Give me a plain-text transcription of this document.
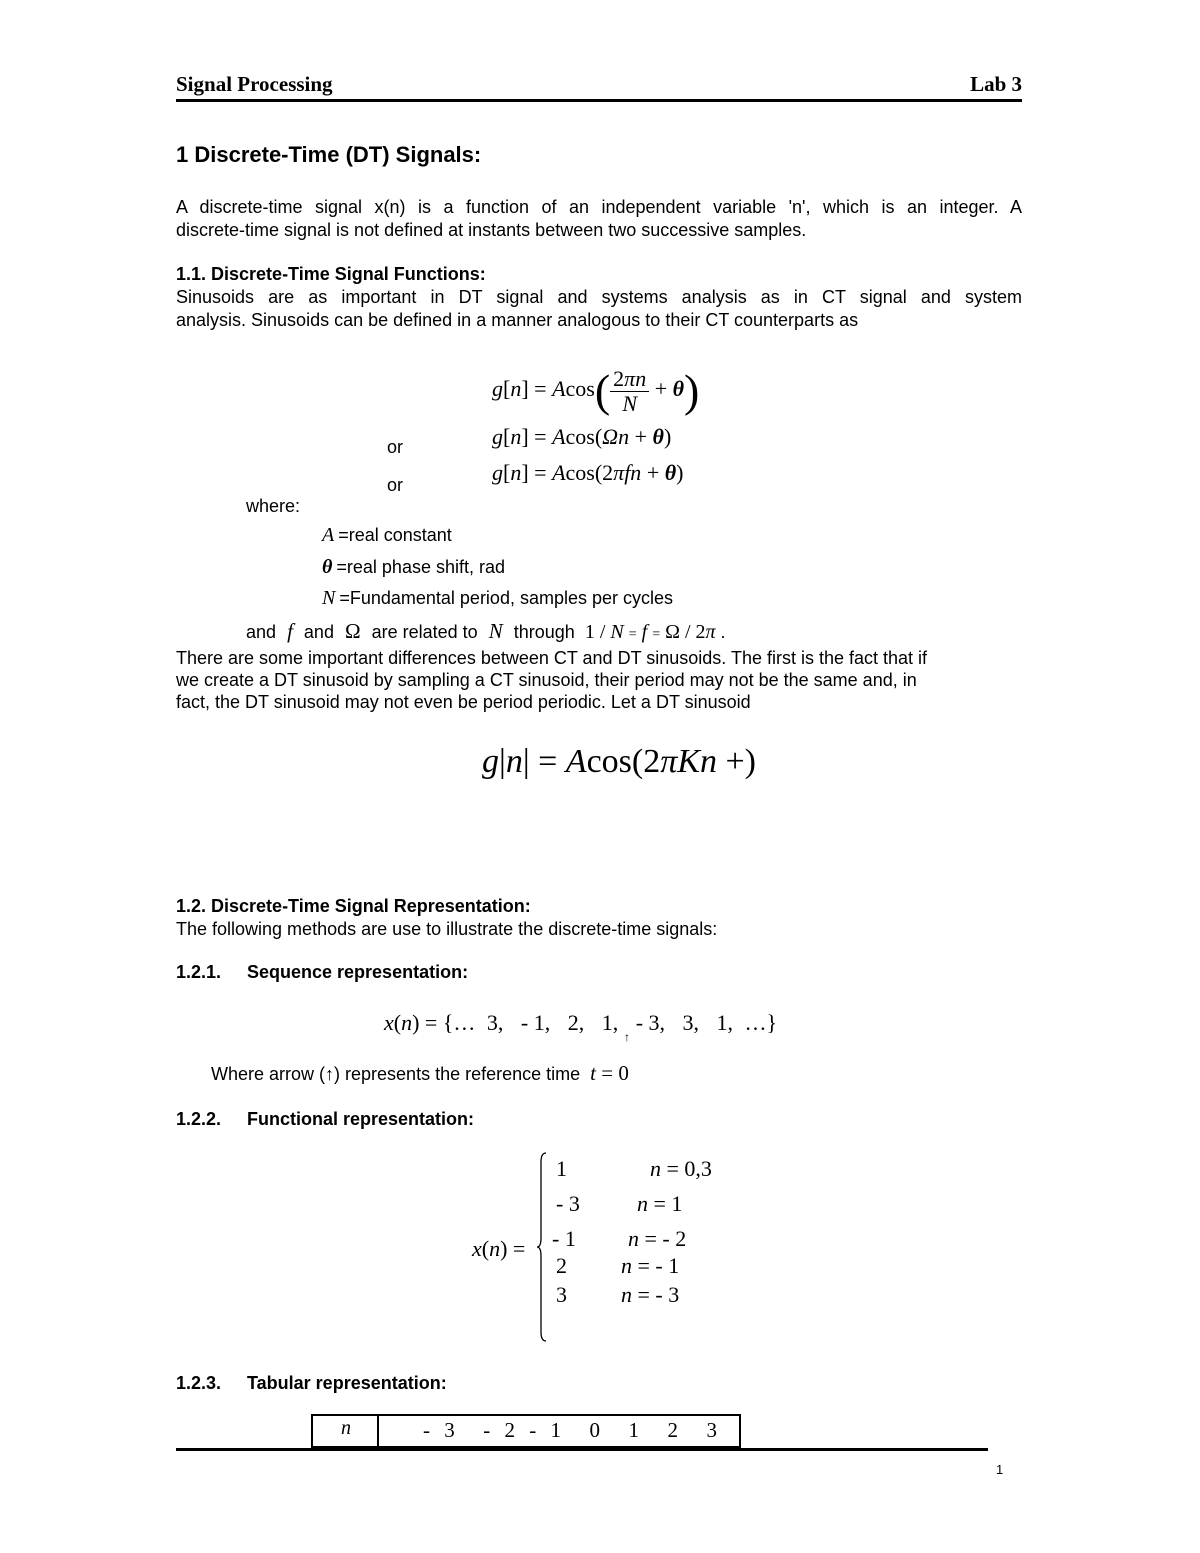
Signal Processing	Lab 3
1 Discrete-Time (DT) Signals:
A discrete-time signal x(n) is a function of an independent variable 'n', which is an integer. A
discrete-time signal is not defined at instants between two successive samples.
1.1. Discrete-Time Signal Functions:
Sinusoids are as important in DT signal and systems analysis as in CT signal and system
analysis. Sinusoids can be defined in a manner analogous to their CT counterparts as
$g[n] = Acos( \frac{2\pi n}{N} + \theta)$
or	g[n] = Acos(Ωn + θ)
or	g[n] = Acos(2πfn + θ)
where:
A =real constant
θ =real phase shift, rad
N =Fundamental period, samples per cycles
and f and Ω are related to N through  1 / N = f = Ω / 2π .
There are some important differences between CT and DT sinusoids. The first is the fact that if
we create a DT sinusoid by sampling a CT sinusoid, their period may not be the same and, in
fact, the DT sinusoid may not even be period periodic. Let a DT sinusoid
g|n| = Acos(2πKn +)
1.2. Discrete-Time Signal Representation:
The following methods are use to illustrate the discrete-time signals:
1.2.1. Sequence representation:
x(n) = {… 3, - 1, 2, 1, - 3, 3, 1, …}
↑
Where arrow (↑) represents the reference time t = 0
1.2.2. Functional representation:
x(n) =
1	n = 0,3
- 3	n = 1
- 1 n = - 2
2 n = - 1
3 n = - 3
1.2.3. Tabular representation:
n	- 3  - 2 - 1  0  1  2  3
1
